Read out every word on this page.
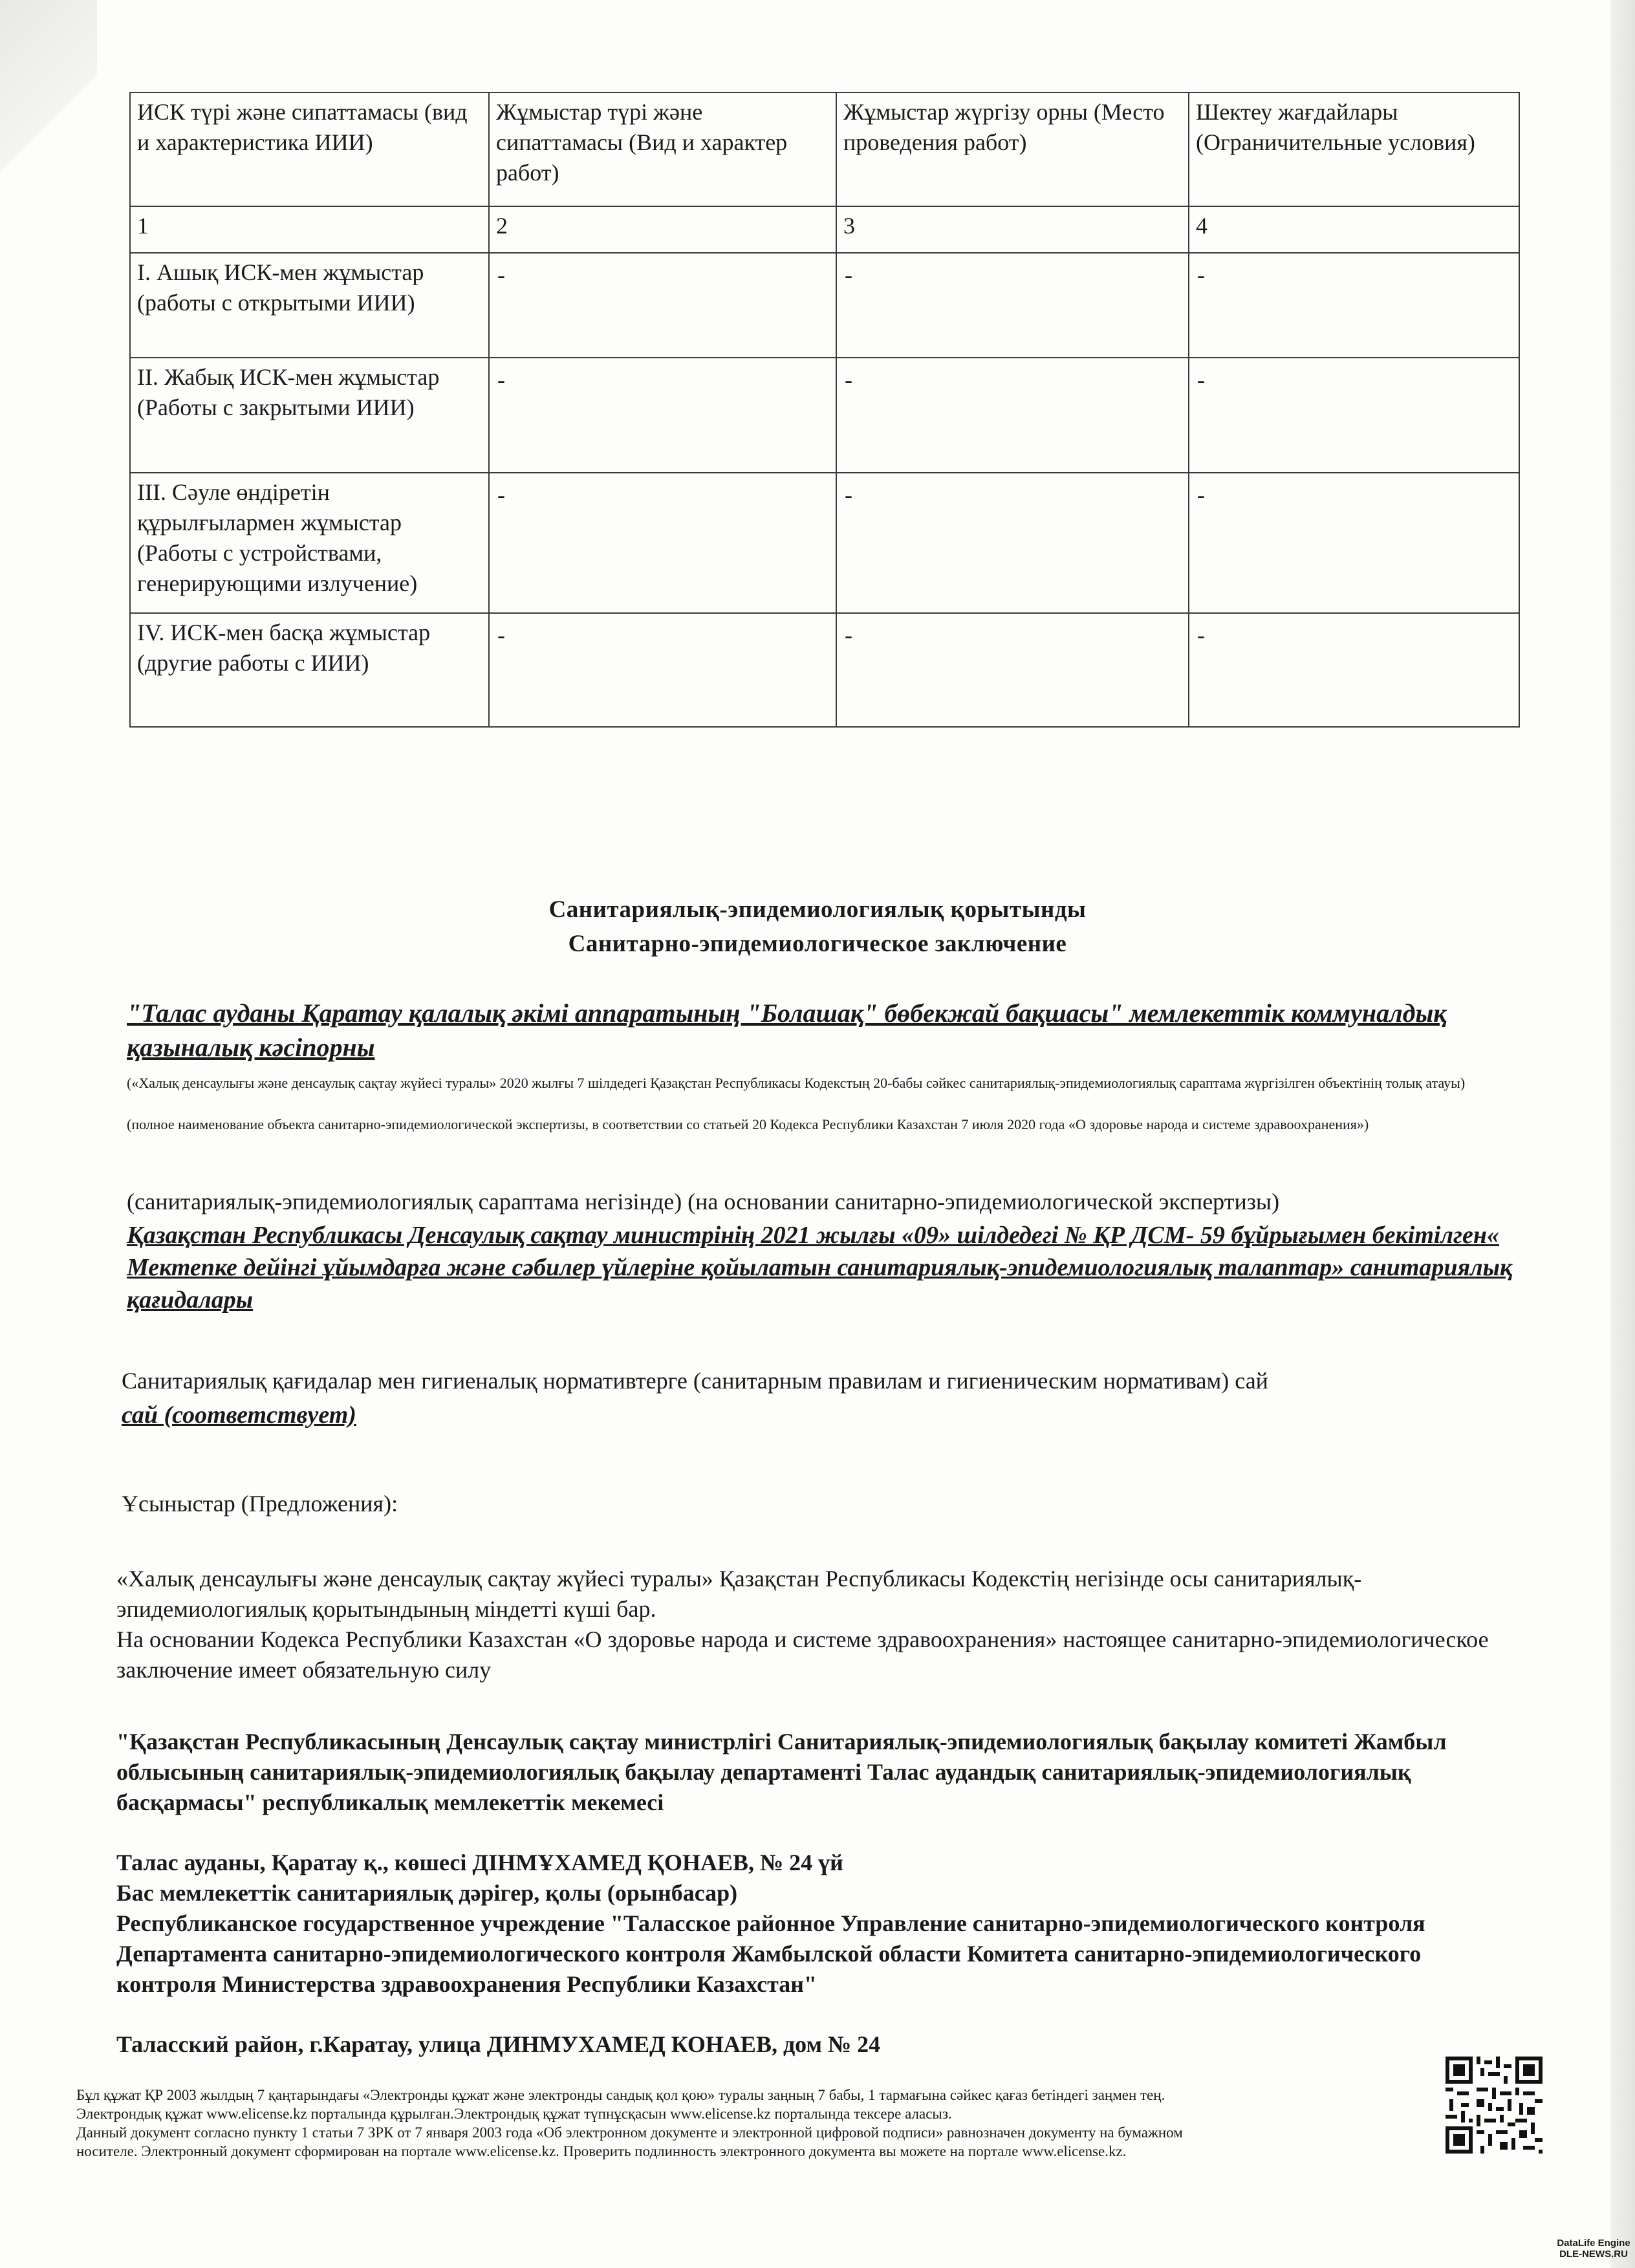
ИСК түрі және сипаттамасы (вид и характеристика ИИИ)	Жұмыстар түрі және сипаттамасы (Вид и характер работ)	Жұмыстар жүргізу орны (Место проведения работ)	Шектеу жағдайлары (Ограничительные условия)
1	2	3	4
I. Ашық ИСК-мен жұмыстар (работы с открытыми ИИИ)	-	-	-

II. Жабық ИСК-мен жұмыстар (Работы с закрытыми ИИИ)	-	-	-

III. Сәуле өндіретін құрылғылармен жұмыстар (Работы с устройствами, генерирующими излучение)	-	-	-

IV. ИСК-мен басқа жұмыстар (другие работы с ИИИ)	-	-	-
Санитариялық-эпидемиологиялық қорытынды
Санитарно-эпидемиологическое заключение
"Талас ауданы Қаратау қалалық әкімі аппаратының "Болашақ" бөбекжай бақшасы" мемлекеттік коммуналдық қазыналық кәсіпорны
(«Халық денсаулығы және денсаулық сақтау жүйесі туралы» 2020 жылғы 7 шілдедегі Қазақстан Республикасы Кодекстың 20-бабы сәйкес санитариялық-эпидемиологиялық сараптама жүргізілген объектінің толық атауы)
(полное наименование объекта санитарно-эпидемиологической экспертизы, в соответствии со статьей 20 Кодекса Республики Казахстан 7 июля 2020 года «О здоровье народа и системе здравоохранения»)
(санитариялық-эпидемиологиялық сараптама негізінде) (на основании санитарно-эпидемиологической экспертизы)
Қазақстан Республикасы Денсаулық сақтау министрінің 2021 жылғы «09» шілдедегі № ҚР ДСМ- 59 бұйрығымен бекітілген« Мектепке дейінгі ұйымдарға және сәбилер үйлеріне қойылатын санитариялық-эпидемиологиялық талаптар» санитариялық қағидалары
Санитариялық қағидалар мен гигиеналық нормативтерге (санитарным правилам и гигиеническим нормативам) сай
сай (соответствует)
Ұсыныстар (Предложения):
«Халық денсаулығы және денсаулық сақтау жүйесі туралы» Қазақстан Республикасы Кодекстің негізінде осы санитариялық-эпидемиологиялық қорытындының міндетті күші бар.
На основании Кодекса Республики Казахстан «О здоровье народа и системе здравоохранения» настоящее санитарно-эпидемиологическое заключение имеет обязательную силу
"Қазақстан Республикасының Денсаулық сақтау министрлігі Санитариялық-эпидемиологиялық бақылау комитеті Жамбыл облысының санитариялық-эпидемиологиялық бақылау департаменті Талас аудандық санитариялық-эпидемиологиялық басқармасы" республикалық мемлекеттік мекемесі
Талас ауданы, Қаратау қ., көшесі ДІНМҰХАМЕД ҚОНАЕВ, № 24 үй
Бас мемлекеттік санитариялық дәрігер, қолы (орынбасар)
Республиканское государственное учреждение "Таласское районное Управление санитарно-эпидемиологического контроля Департамента санитарно-эпидемиологического контроля Жамбылской области Комитета санитарно-эпидемиологического контроля Министерства здравоохранения Республики Казахстан"
Таласский район, г.Каратау, улица ДИНМУХАМЕД КОНАЕВ, дом № 24
Бұл құжат ҚР 2003 жылдың 7 қаңтарындағы «Электронды құжат және электронды сандық қол қою» туралы заңның 7 бабы, 1 тармағына сәйкес қағаз бетіндегі заңмен тең.
Электрондық құжат www.elicense.kz порталында құрылған.Электрондық құжат түпнұсқасын www.elicense.kz порталында тексере аласыз.
Данный документ согласно пункту 1 статьи 7 ЗРК от 7 января 2003 года «Об электронном документе и электронной цифровой подписи» равнозначен документу на бумажном
носителе. Электронный документ сформирован на портале www.elicense.kz. Проверить подлинность электронного документа вы можете на портале www.elicense.kz.
DataLife Engine
DLE-NEWS.RU
